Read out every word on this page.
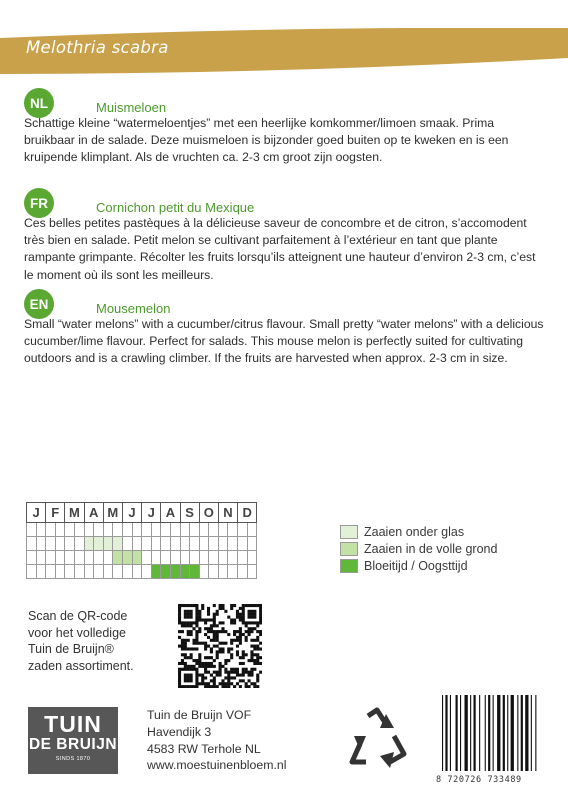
Melothria scabra
NL	Muismeloen
Schattige kleine “watermeloentjes” met een heerlijke komkommer/limoen smaak. Prima bruikbaar in de salade. Deze muismeloen is bijzonder goed buiten op te kweken en is een kruipende klimplant. Als de vruchten ca. 2-3 cm groot zijn oogsten.
FR	Cornichon petit du Mexique
Ces belles petites pastèques à la délicieuse saveur de concombre et de citron, s’accomodent très bien en salade. Petit melon se cultivant parfaitement à l’extérieur en tant que plante rampante grimpante. Récolter les fruits lorsqu’ils atteignent une hauteur d’environ 2-3 cm, c’est le moment où ils sont les meilleurs.
EN	Mousemelon
Small “water melons” with a cucumber/citrus flavour. Small pretty “water melons” with a delicious cucumber/lime flavour. Perfect for salads. This mouse melon is perfectly suited for cultivating outdoors and is a crawling climber. If the fruits are harvested when approx. 2-3 cm in size.
J		F		M		A		M		J		J		A		S		O		N		D	

Zaaien onder glas
Zaaien in de volle grond
Bloeitijd / Oogsttijd
Scan de QR-code
voor het volledige
Tuin de Bruijn®
zaden assortiment.
TUIN
DE BRUIJN
SINDS 1870
Tuin de Bruijn VOF
Havendijk 3
4583 RW Terhole NL
www.moestuinenbloem.nl
8 720726 733489
